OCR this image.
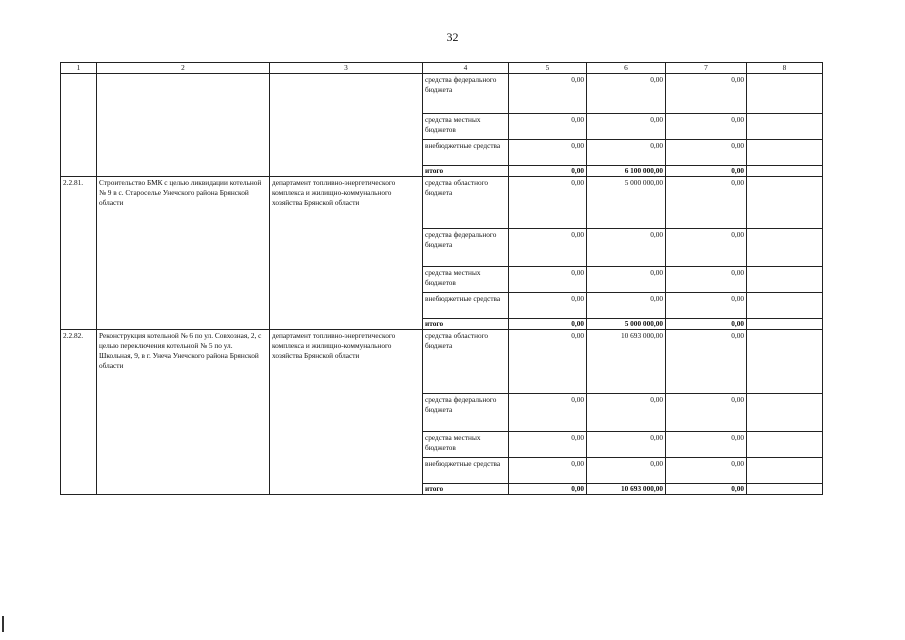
32
1	2	3	4	5	6	7	8
			средства федерального бюджета	0,00	0,00	0,00	
			средства местных бюджетов	0,00	0,00	0,00	
			внебюджетные средства	0,00	0,00	0,00	
			итого	0,00	6 100 000,00	0,00	
2.2.81.	Строительство БМК с целью ликвидации котельной № 9 в с. Старосельe Унечского района Брянской области	департамент топливно-энергетического комплекса и жилищно-коммунального хозяйства Брянской области	средства областного бюджета	0,00	5 000 000,00	0,00	
			средства федерального бюджета	0,00	0,00	0,00	
			средства местных бюджетов	0,00	0,00	0,00	
			внебюджетные средства	0,00	0,00	0,00	
			итого	0,00	5 000 000,00	0,00	
2.2.82.	Реконструкция котельной № 6 по ул. Совхозная, 2, с целью переключения котельной № 5 по ул. Школьная, 9, в г. Унеча Унечского района Брянской области	департамент топливно-энергетического комплекса и жилищно-коммунального хозяйства Брянской области	средства областного бюджета	0,00	10 693 000,00	0,00	
			средства федерального бюджета	0,00	0,00	0,00	
			средства местных бюджетов	0,00	0,00	0,00	
			внебюджетные средства	0,00	0,00	0,00	
			итого	0,00	10 693 000,00	0,00	
